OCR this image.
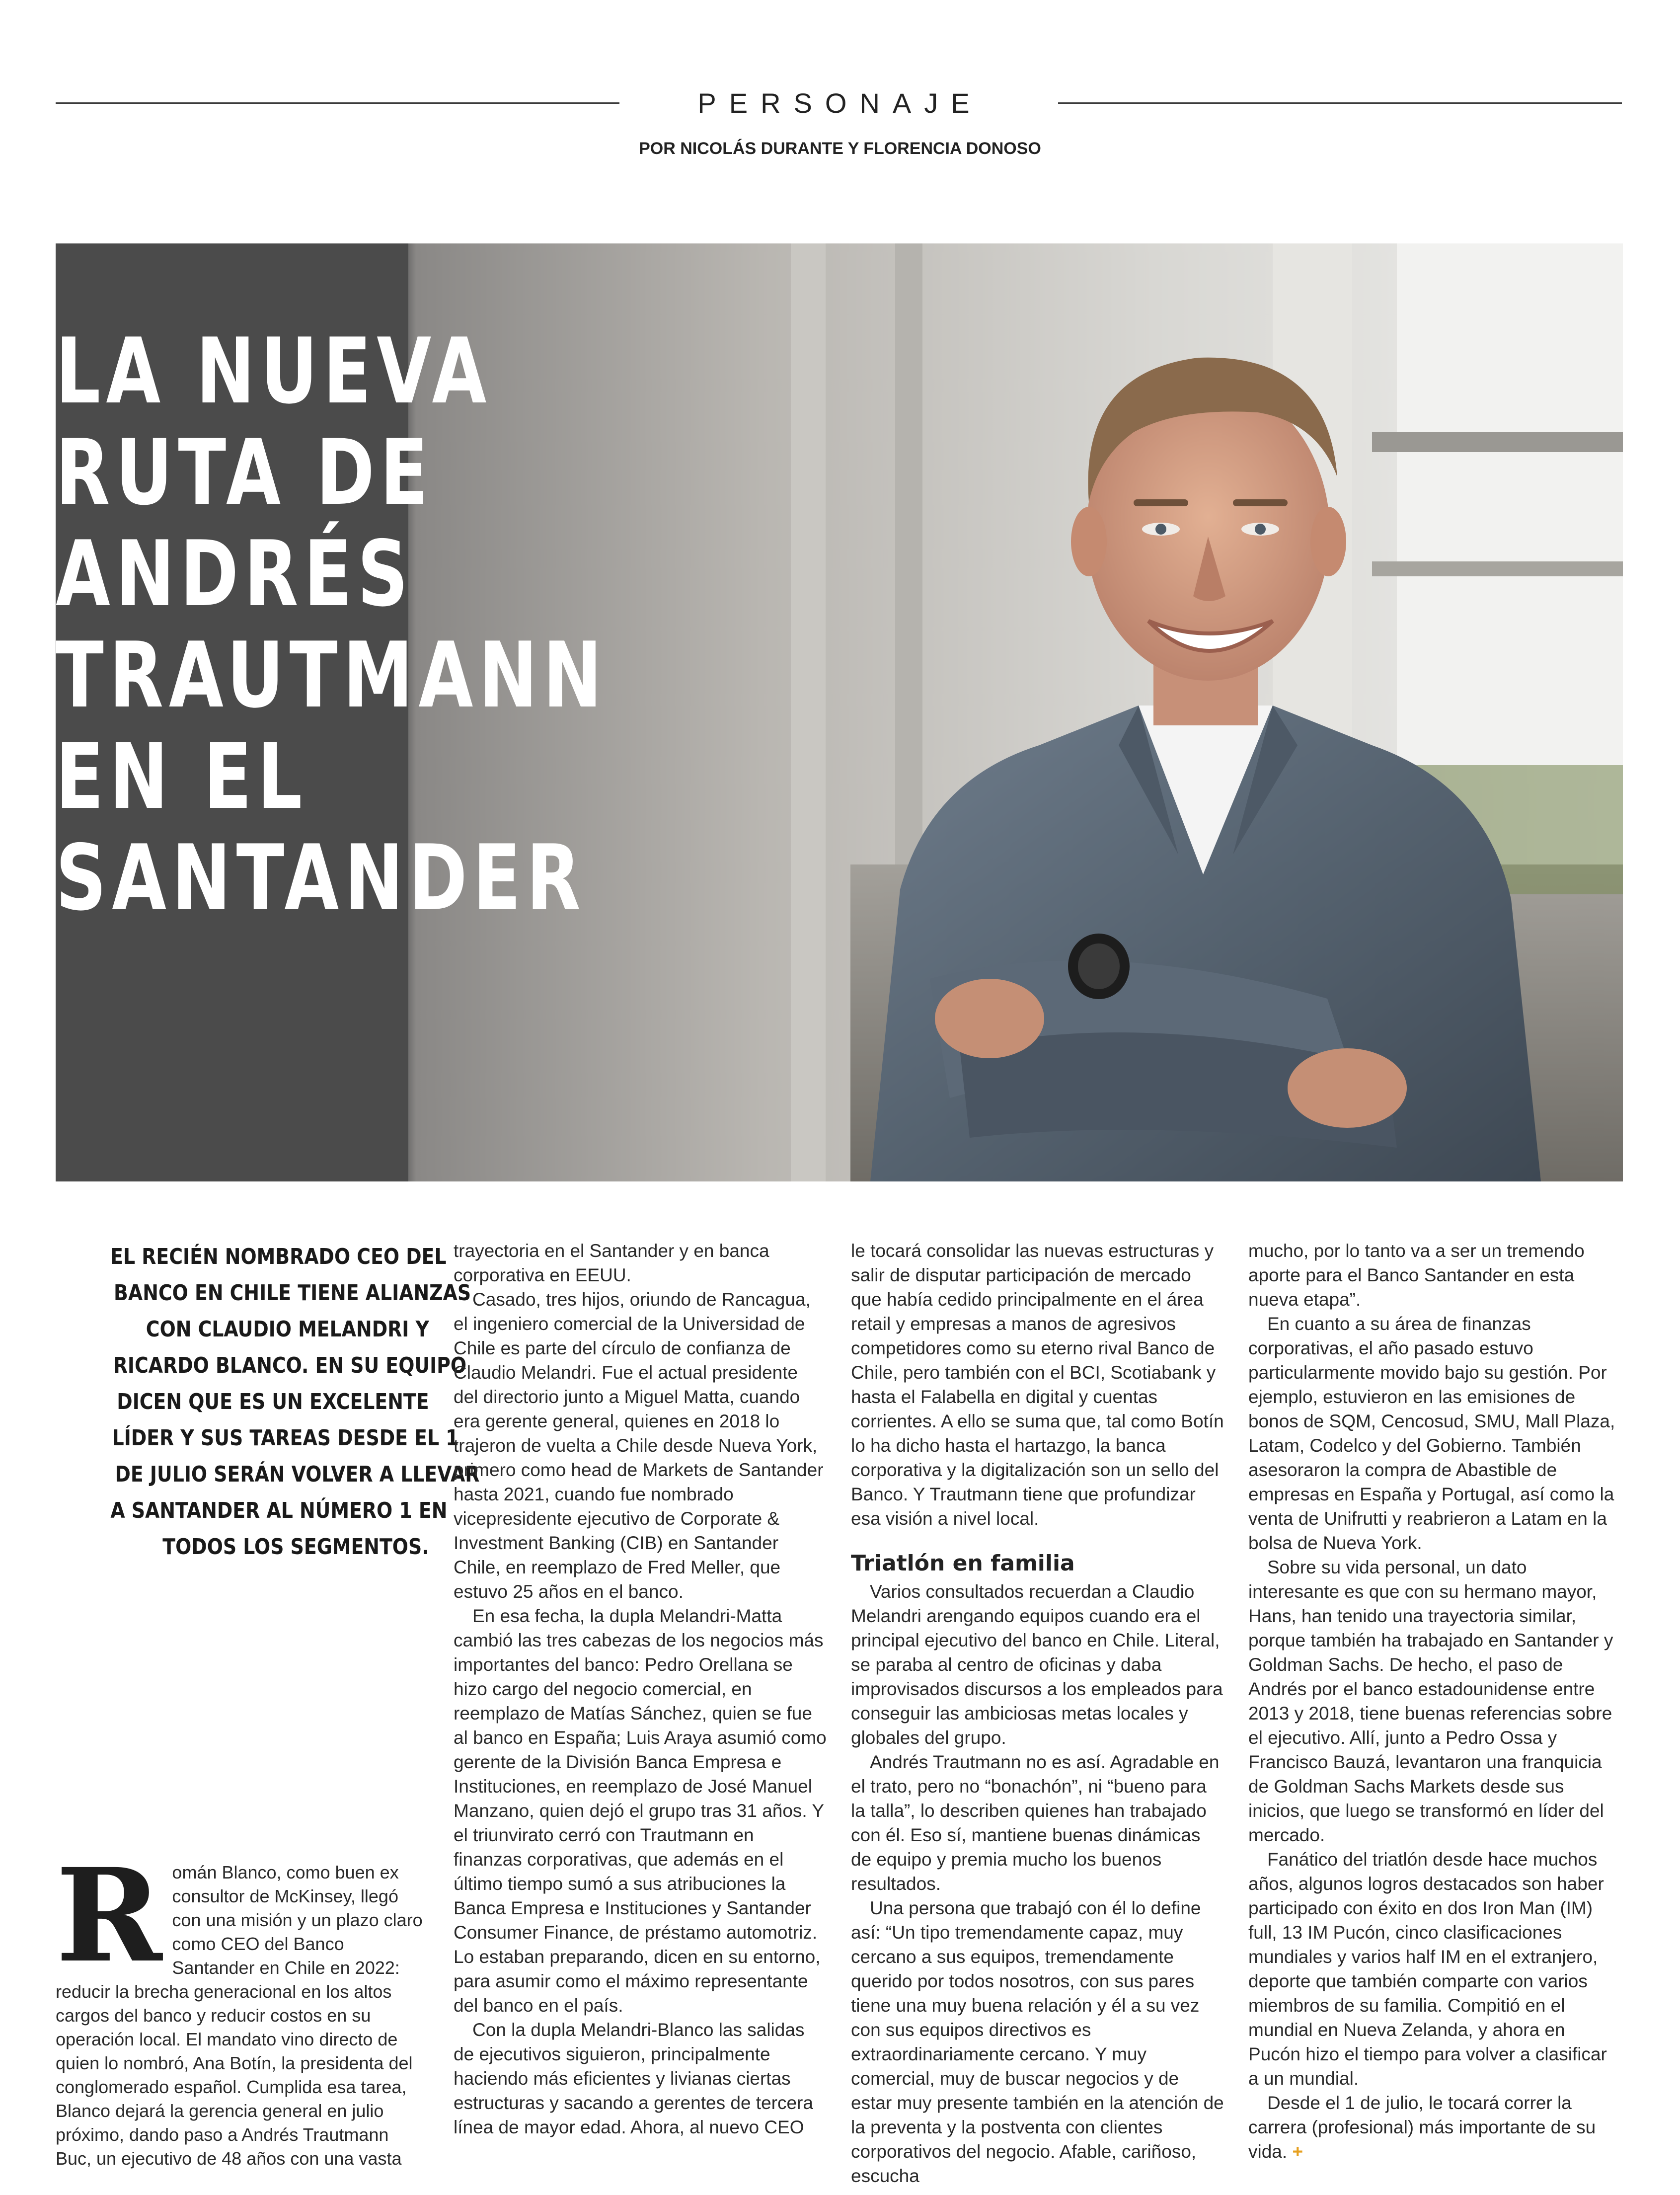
PERSONAJE
POR NICOLÁS DURANTE Y FLORENCIA DONOSO
LA NUEVA
RUTA DE
ANDRÉS
TRAUTMANN
EN EL
SANTANDER
EL RECIÉN NOMBRADO CEO DEL
BANCO EN CHILE TIENE ALIANZAS
CON CLAUDIO MELANDRI Y
RICARDO BLANCO. EN SU EQUIPO
DICEN QUE ES UN EXCELENTE
LÍDER Y SUS TAREAS DESDE EL 1
DE JULIO SERÁN VOLVER A LLEVAR
A SANTANDER AL NÚMERO 1 EN
TODOS LOS SEGMENTOS.
R omán Blanco, como buen ex consultor de McKinsey, llegó con una misión y un plazo claro como CEO del Banco Santander en Chile en 2022: reducir la brecha generacional en los altos cargos del banco y reducir costos en su operación local. El mandato vino directo de quien lo nombró, Ana Botín, la presidenta del conglomerado español. Cumplida esa tarea, Blanco dejará la gerencia general en julio próximo, dando paso a Andrés Trautmann Buc, un ejecutivo de 48 años con una vasta

trayectoria en el Santander y en banca corporativa en EEUU.

Casado, tres hijos, oriundo de Rancagua, el ingeniero comercial de la Universidad de Chile es parte del círculo de confianza de Claudio Melandri. Fue el actual presidente del directorio junto a Miguel Matta, cuando era gerente general, quienes en 2018 lo trajeron de vuelta a Chile desde Nueva York, primero como head de Markets de Santander hasta 2021, cuando fue nombrado vicepresidente ejecutivo de Corporate & Investment Banking (CIB) en Santander Chile, en reemplazo de Fred Meller, que estuvo 25 años en el banco.

En esa fecha, la dupla Melandri-Matta cambió las tres cabezas de los negocios más importantes del banco: Pedro Orellana se hizo cargo del negocio comercial, en reemplazo de Matías Sánchez, quien se fue al banco en España; Luis Araya asumió como gerente de la División Banca Empresa e Instituciones, en reemplazo de José Manuel Manzano, quien dejó el grupo tras 31 años. Y el triunvirato cerró con Trautmann en finanzas corporativas, que además en el último tiempo sumó a sus atribuciones la Banca Empresa e Instituciones y Santander Consumer Finance, de préstamo automotriz. Lo estaban preparando, dicen en su entorno, para asumir como el máximo representante del banco en el país.

Con la dupla Melandri-Blanco las salidas de ejecutivos siguieron, principalmente haciendo más eficientes y livianas ciertas estructuras y sacando a gerentes de tercera línea de mayor edad. Ahora, al nuevo CEO

le tocará consolidar las nuevas estructuras y salir de disputar participación de mercado que había cedido principalmente en el área retail y empresas a manos de agresivos competidores como su eterno rival Banco de Chile, pero también con el BCI, Scotiabank y hasta el Falabella en digital y cuentas corrientes. A ello se suma que, tal como Botín lo ha dicho hasta el hartazgo, la banca corporativa y la digitalización son un sello del Banco. Y Trautmann tiene que profundizar esa visión a nivel local.

Triatlón en familia

Varios consultados recuerdan a Claudio Melandri arengando equipos cuando era el principal ejecutivo del banco en Chile. Literal, se paraba al centro de oficinas y daba improvisados discursos a los empleados para conseguir las ambiciosas metas locales y globales del grupo.

Andrés Trautmann no es así. Agradable en el trato, pero no “bonachón”, ni “bueno para la talla”, lo describen quienes han trabajado con él. Eso sí, mantiene buenas dinámicas de equipo y premia mucho los buenos resultados.

Una persona que trabajó con él lo define así: “Un tipo tremendamente capaz, muy cercano a sus equipos, tremendamente querido por todos nosotros, con sus pares tiene una muy buena relación y él a su vez con sus equipos directivos es extraordinariamente cercano. Y muy comercial, muy de buscar negocios y de estar muy presente también en la atención de la preventa y la postventa con clientes corporativos del negocio. Afable, cariñoso, escucha

mucho, por lo tanto va a ser un tremendo aporte para el Banco Santander en esta nueva etapa”.

En cuanto a su área de finanzas corporativas, el año pasado estuvo particularmente movido bajo su gestión. Por ejemplo, estuvieron en las emisiones de bonos de SQM, Cencosud, SMU, Mall Plaza, Latam, Codelco y del Gobierno. También asesoraron la compra de Abastible de empresas en España y Portugal, así como la venta de Unifrutti y reabrieron a Latam en la bolsa de Nueva York.

Sobre su vida personal, un dato interesante es que con su hermano mayor, Hans, han tenido una trayectoria similar, porque también ha trabajado en Santander y Goldman Sachs. De hecho, el paso de Andrés por el banco estadounidense entre 2013 y 2018, tiene buenas referencias sobre el ejecutivo. Allí, junto a Pedro Ossa y Francisco Bauzá, levantaron una franquicia de Goldman Sachs Markets desde sus inicios, que luego se transformó en líder del mercado.

Fanático del triatlón desde hace muchos años, algunos logros destacados son haber participado con éxito en dos Iron Man (IM) full, 13 IM Pucón, cinco clasificaciones mundiales y varios half IM en el extranjero, deporte que también comparte con varios miembros de su familia. Compitió en el mundial en Nueva Zelanda, y ahora en Pucón hizo el tiempo para volver a clasificar a un mundial.

Desde el 1 de julio, le tocará correr la carrera (profesional) más importante de su vida. +
